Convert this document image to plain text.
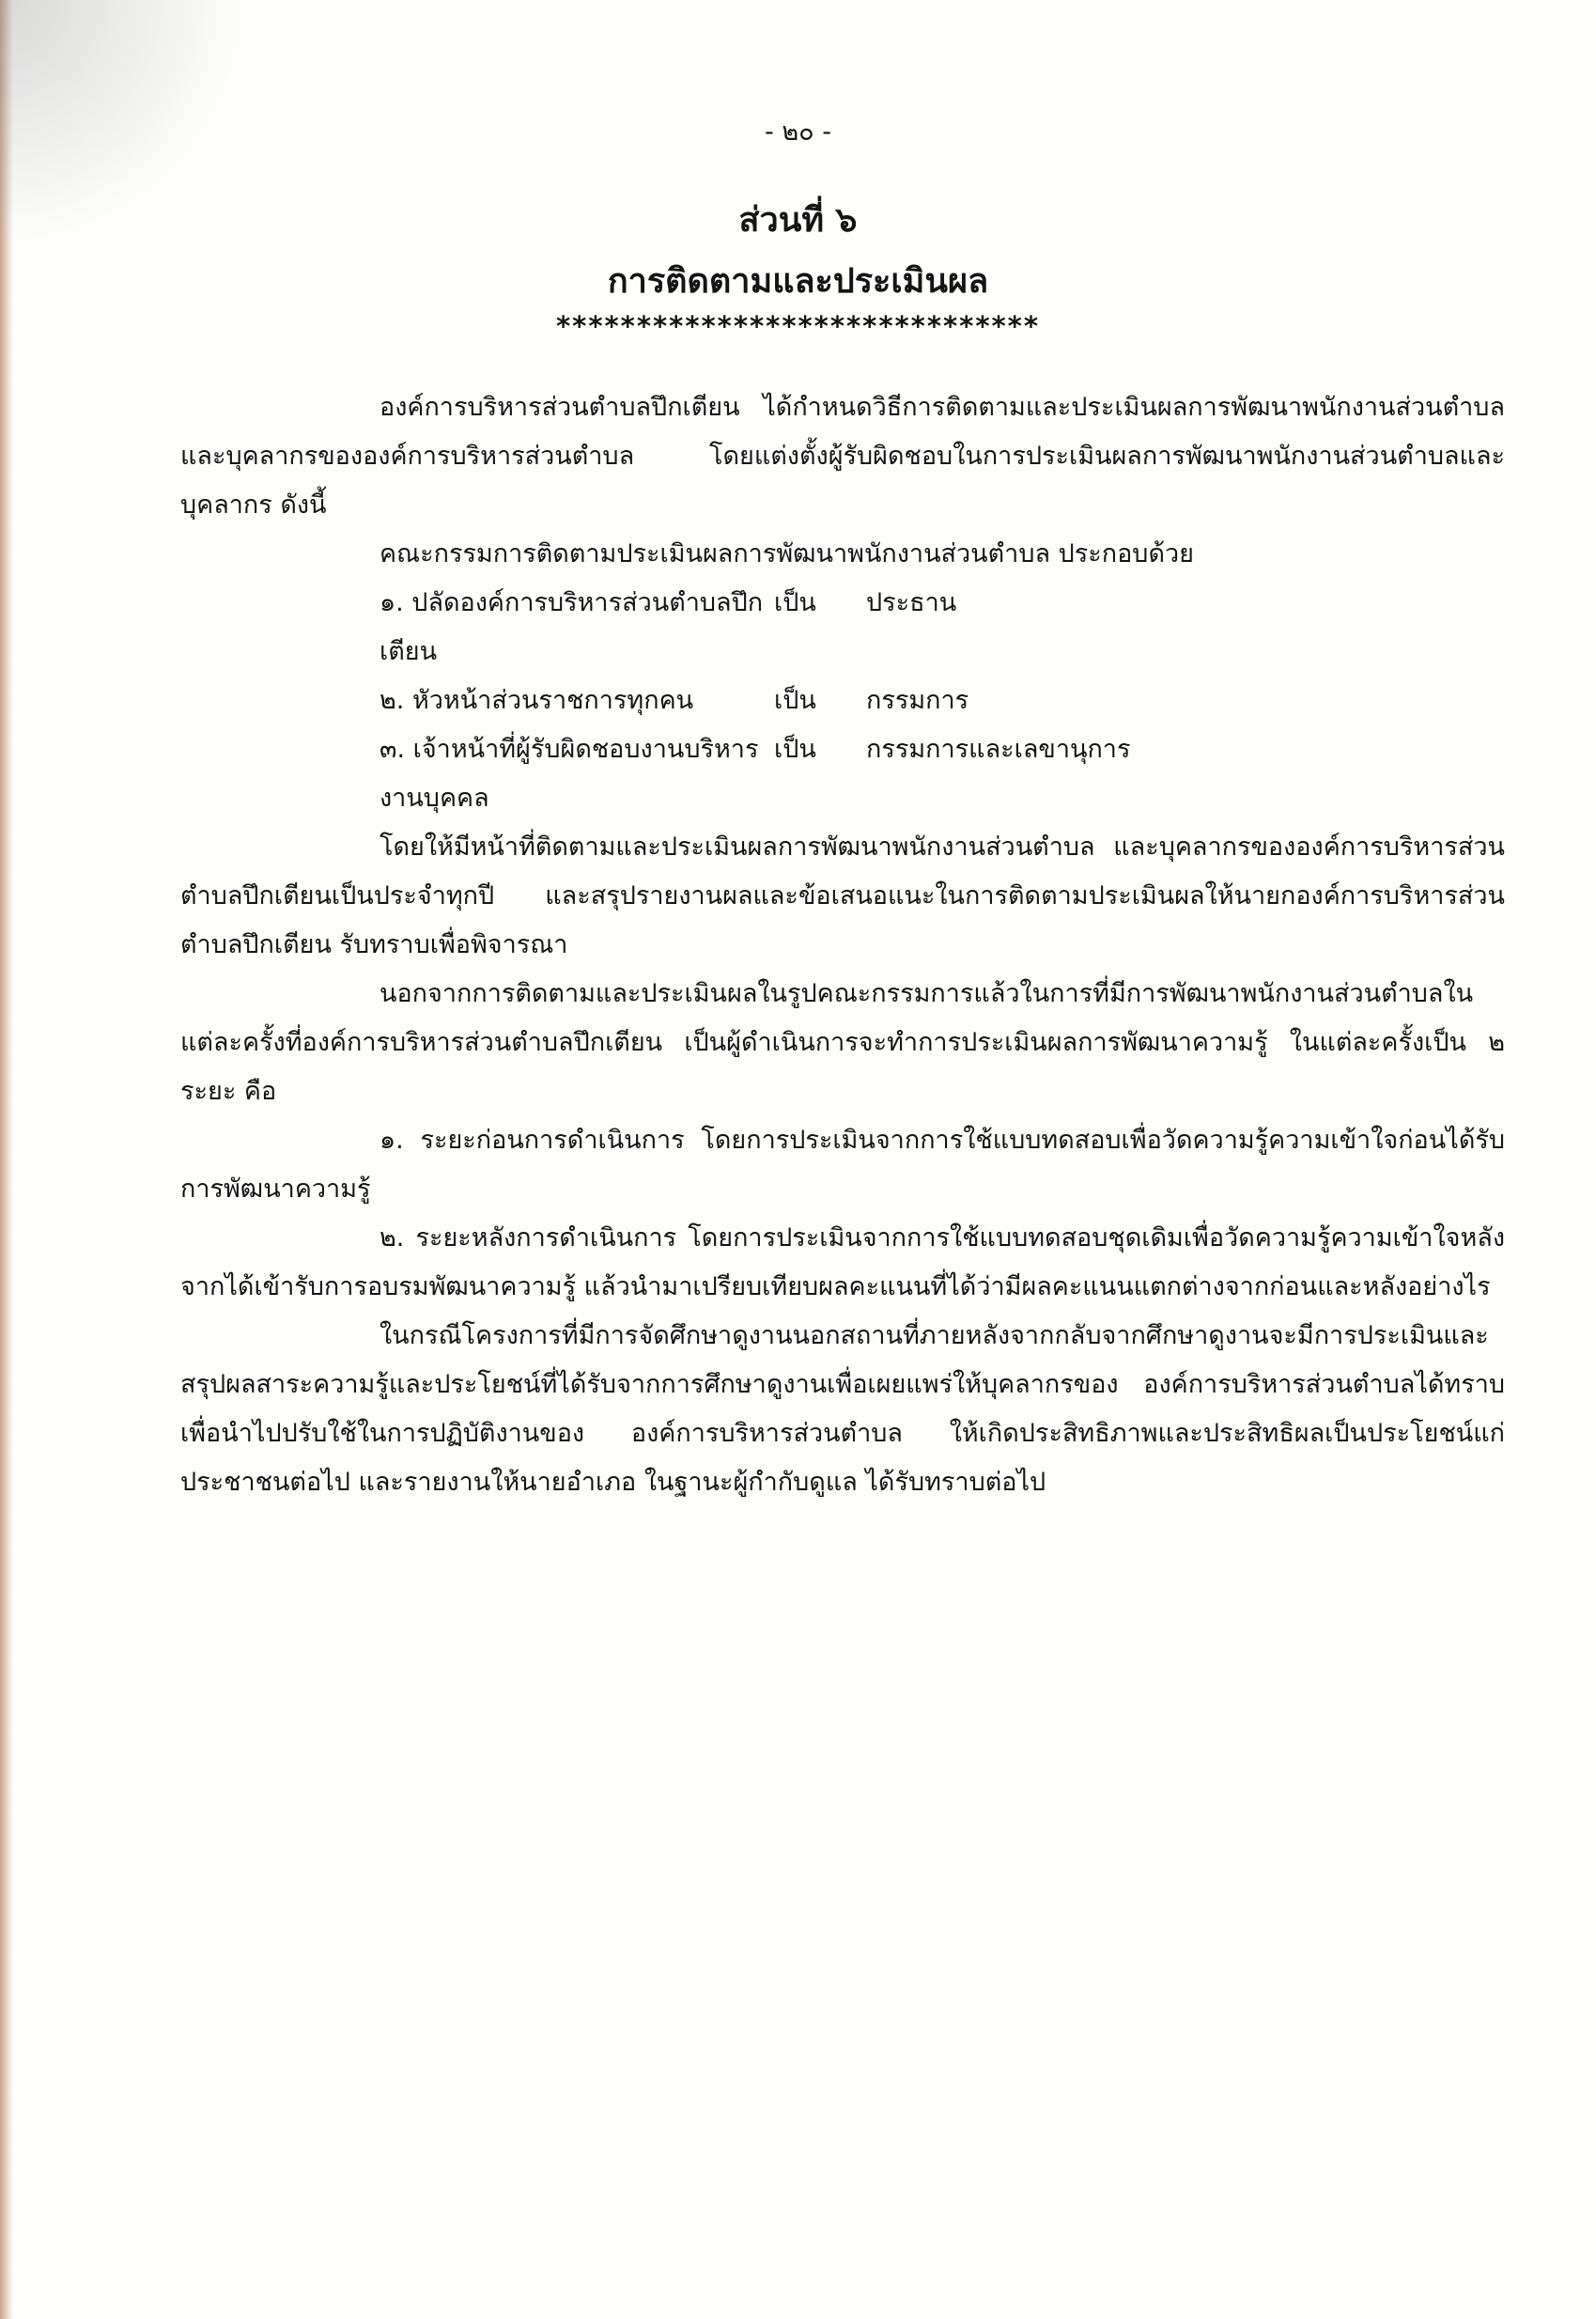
- ๒๐ -
ส่วนที่ ๖
การติดตามและประเมินผล
******************************

องค์การบริหารส่วนตำบลปึกเตียน ได้กำหนดวิธีการติดตามและประเมินผลการพัฒนาพนักงานส่วนตำบล และบุคลากรขององค์การบริหารส่วนตำบล โดยแต่งตั้งผู้รับผิดชอบในการประเมินผลการพัฒนาพนักงานส่วนตำบลและบุคลากร ดังนี้

คณะกรรมการติดตามประเมินผลการพัฒนาพนักงานส่วนตำบล ประกอบด้วย

๑. ปลัดองค์การบริหารส่วนตำบลปึกเตียน
เป็น	ประธาน
๒. หัวหน้าส่วนราชการทุกคน	เป็น	กรรมการ
๓. เจ้าหน้าที่ผู้รับผิดชอบงานบริหารงานบุคคล
เป็น	กรรมการและเลขานุการ

โดยให้มีหน้าที่ติดตามและประเมินผลการพัฒนาพนักงานส่วนตำบล และบุคลากรขององค์การบริหารส่วนตำบลปึกเตียนเป็นประจำทุกปี และสรุปรายงานผลและข้อเสนอแนะในการติดตามประเมินผลให้นายกองค์การบริหารส่วนตำบลปึกเตียน รับทราบเพื่อพิจารณา

นอกจากการติดตามและประเมินผลในรูปคณะกรรมการแล้วในการที่มีการพัฒนาพนักงานส่วนตำบลในแต่ละครั้งที่องค์การบริหารส่วนตำบลปึกเตียน เป็นผู้ดำเนินการจะทำการประเมินผลการพัฒนาความรู้ ในแต่ละครั้งเป็น ๒ ระยะ คือ

๑. ระยะก่อนการดำเนินการ โดยการประเมินจากการใช้แบบทดสอบเพื่อวัดความรู้ความเข้าใจก่อนได้รับการพัฒนาความรู้

๒. ระยะหลังการดำเนินการ โดยการประเมินจากการใช้แบบทดสอบชุดเดิมเพื่อวัดความรู้ความเข้าใจหลังจากได้เข้ารับการอบรมพัฒนาความรู้ แล้วนำมาเปรียบเทียบผลคะแนนที่ได้ว่ามีผลคะแนนแตกต่างจากก่อนและหลังอย่างไร

ในกรณีโครงการที่มีการจัดศึกษาดูงานนอกสถานที่ภายหลังจากกลับจากศึกษาดูงานจะมีการประเมินและสรุปผลสาระความรู้และประโยชน์ที่ได้รับจากการศึกษาดูงานเพื่อเผยแพร่ให้บุคลากรของ องค์การบริหารส่วนตำบลได้ทราบ เพื่อนำไปปรับใช้ในการปฏิบัติงานของ องค์การบริหารส่วนตำบล ให้เกิดประสิทธิภาพและประสิทธิผลเป็นประโยชน์แก่ประชาชนต่อไป และรายงานให้นายอำเภอ ในฐานะผู้กำกับดูแล ได้รับทราบต่อไป
